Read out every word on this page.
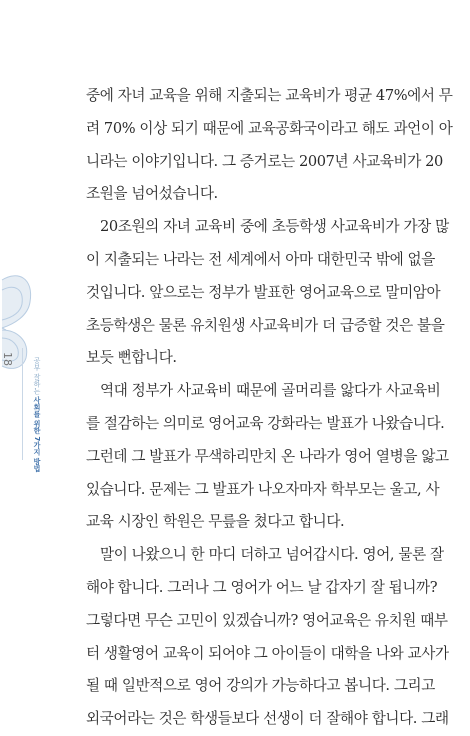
18	공부 잘하는 사회를 위한 7가지 방법
중에 자녀 교육을 위해 지출되는 교육비가 평균 47%에서 무
려 70% 이상 되기 때문에 교육공화국이라고 해도 과언이 아
니라는 이야기입니다. 그 증거로는 2007년 사교육비가 20
조원을 넘어섰습니다.
20조원의 자녀 교육비 중에 초등학생 사교육비가 가장 많
이 지출되는 나라는 전 세계에서 아마 대한민국 밖에 없을
것입니다. 앞으로는 정부가 발표한 영어교육으로 말미암아
초등학생은 물론 유치원생 사교육비가 더 급증할 것은 불을
보듯 뻔합니다.
역대 정부가 사교육비 때문에 골머리를 앓다가 사교육비
를 절감하는 의미로 영어교육 강화라는 발표가 나왔습니다.
그런데 그 발표가 무색하리만치 온 나라가 영어 열병을 앓고
있습니다. 문제는 그 발표가 나오자마자 학부모는 울고, 사
교육 시장인 학원은 무릎을 쳤다고 합니다.
말이 나왔으니 한 마디 더하고 넘어갑시다. 영어, 물론 잘
해야 합니다. 그러나 그 영어가 어느 날 갑자기 잘 됩니까?
그렇다면 무슨 고민이 있겠습니까? 영어교육은 유치원 때부
터 생활영어 교육이 되어야 그 아이들이 대학을 나와 교사가
될 때 일반적으로 영어 강의가 가능하다고 봅니다. 그리고
외국어라는 것은 학생들보다 선생이 더 잘해야 합니다. 그래
